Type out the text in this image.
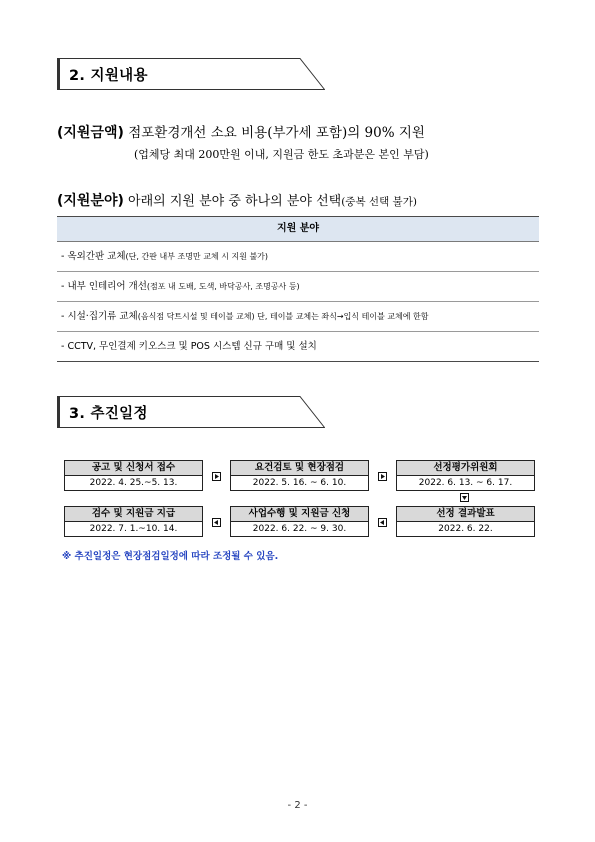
2. 지원내용
(지원금액) 점포환경개선 소요 비용(부가세 포함)의 90% 지원
(업체당 최대 200만원 이내, 지원금 한도 초과분은 본인 부담)
(지원분야) 아래의 지원 분야 중 하나의 분야 선택(중복 선택 불가)
지원 분야
- 옥외간판 교체(단, 간판 내부 조명만 교체 시 지원 불가)
- 내부 인테리어 개선(점포 내 도배, 도색, 바닥공사, 조명공사 등)
- 시설·집기류 교체(음식점 닥트시설 및 테이블 교체) 단, 테이블 교체는 좌식→입식 테이블 교체에 한함
- CCTV, 무인결제 키오스크 및 POS 시스템 신규 구매 및 설치
3. 추진일정
공고 및 신청서 접수
2022. 4. 25.~5. 13.
요건검토 및 현장점검
2022. 5. 16. ~ 6. 10.
선정평가위원회
2022. 6. 13. ~ 6. 17.
검수 및 지원금 지급
2022. 7. 1.~10. 14.
사업수행 및 지원금 신청
2022. 6. 22. ~ 9. 30.
선정 결과발표
2022. 6. 22.
※ 추진일정은 현장점검일정에 따라 조정될 수 있음.
- 2 -
